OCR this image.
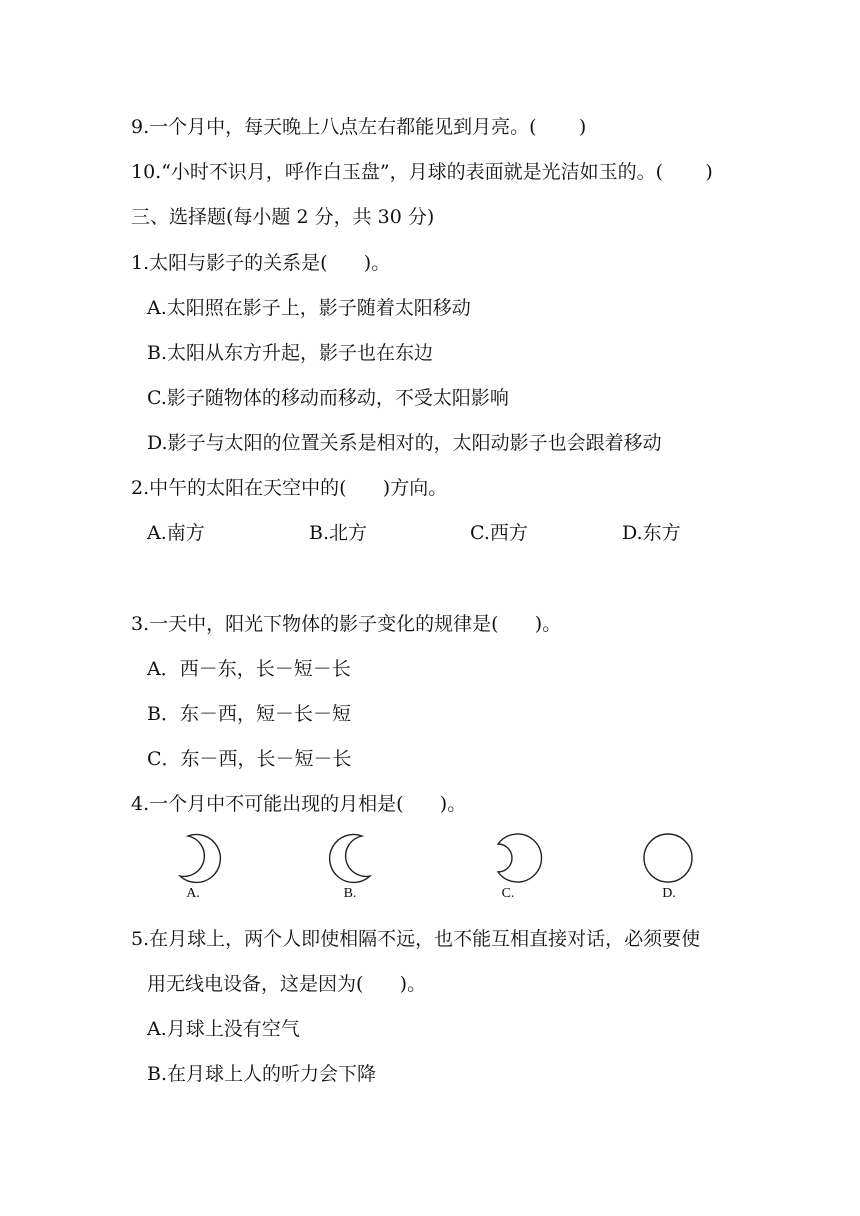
9.一个月中，每天晚上八点左右都能见到月亮。(       )
10.“小时不识月，呼作白玉盘”，月球的表面就是光洁如玉的。(       )
三、选择题(每小题 2 分，共 30 分)
1.太阳与影子的关系是(      )。
A.太阳照在影子上，影子随着太阳移动
B.太阳从东方升起，影子也在东边
C.影子随物体的移动而移动，不受太阳影响
D.影子与太阳的位置关系是相对的，太阳动影子也会跟着移动
2.中午的太阳在天空中的(      )方向。
A.南方	B.北方	C.西方	D.东方
3.一天中，阳光下物体的影子变化的规律是(      )。
A．西－东，长－短－长
B．东－西，短－长－短
C．东－西，长－短－长
4.一个月中不可能出现的月相是(      )。
A.	B.	C.	D.
5.在月球上，两个人即使相隔不远，也不能互相直接对话，必须要使
用无线电设备，这是因为(      )。
A.月球上没有空气
B.在月球上人的听力会下降
